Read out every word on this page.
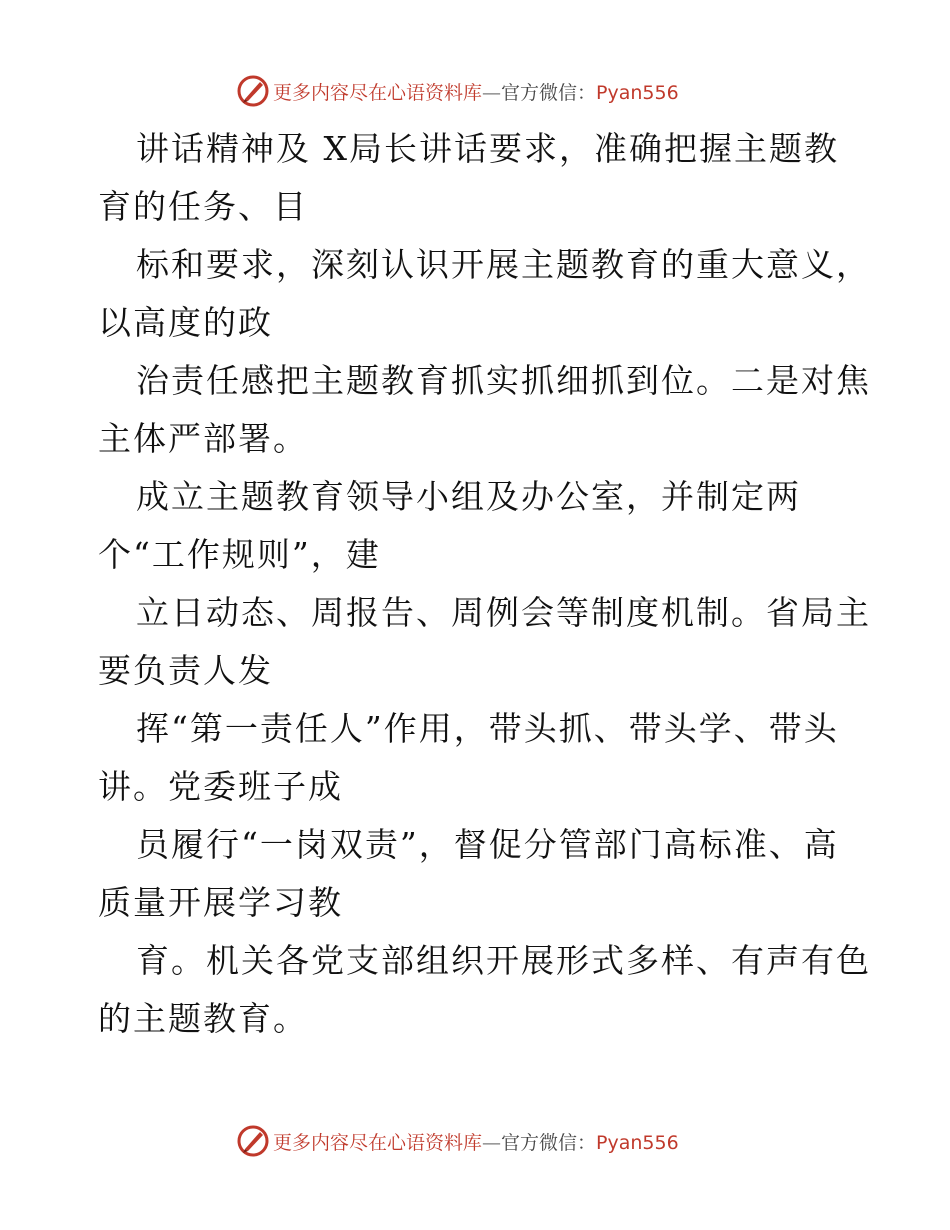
更多内容尽在心语资料库—官方微信：Pyan556
讲话精神及 X局长讲话要求，准确把握主题教
育的任务、目
标和要求，深刻认识开展主题教育的重大意义，
以高度的政
治责任感把主题教育抓实抓细抓到位。二是对焦
主体严部署。
成立主题教育领导小组及办公室，并制定两
个“工作规则”，建
立日动态、周报告、周例会等制度机制。省局主
要负责人发
挥“第一责任人”作用，带头抓、带头学、带头
讲。党委班子成
员履行“一岗双责”，督促分管部门高标准、高
质量开展学习教
育。机关各党支部组织开展形式多样、有声有色
的主题教育。
更多内容尽在心语资料库—官方微信：Pyan556
